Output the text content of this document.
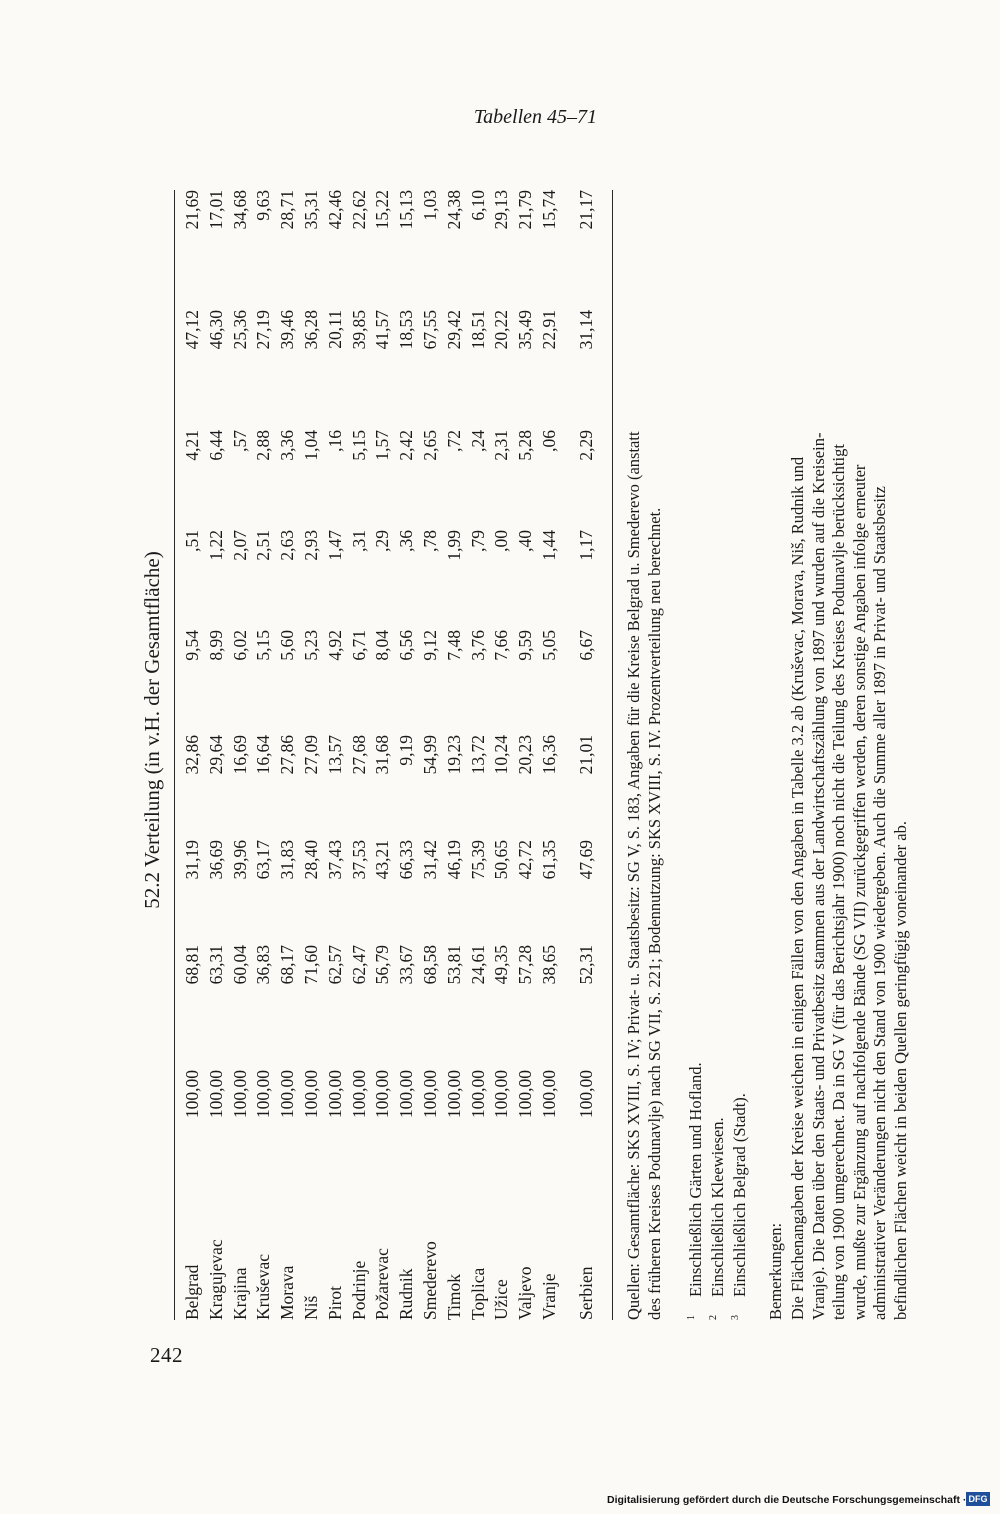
242
Tabellen 45–71
52.2 Verteilung (in v.H. der Gesamtfläche)
Belgrad
100,00
68,81
31,19
32,86
9,54
,51
4,21
47,12
21,69
Kragujevac
100,00
63,31
36,69
29,64
8,99
1,22
6,44
46,30
17,01
Krajina
100,00
60,04
39,96
16,69
6,02
2,07
,57
25,36
34,68
Kruševac
100,00
36,83
63,17
16,64
5,15
2,51
2,88
27,19
9,63
Morava
100,00
68,17
31,83
27,86
5,60
2,63
3,36
39,46
28,71
Niš
100,00
71,60
28,40
27,09
5,23
2,93
1,04
36,28
35,31
Pirot
100,00
62,57
37,43
13,57
4,92
1,47
,16
20,11
42,46
Podrinje
100,00
62,47
37,53
27,68
6,71
,31
5,15
39,85
22,62
Požarevac
100,00
56,79
43,21
31,68
8,04
,29
1,57
41,57
15,22
Rudnik
100,00
33,67
66,33
9,19
6,56
,36
2,42
18,53
15,13
Smederevo
100,00
68,58
31,42
54,99
9,12
,78
2,65
67,55
1,03
Timok
100,00
53,81
46,19
19,23
7,48
1,99
,72
29,42
24,38
Toplica
100,00
24,61
75,39
13,72
3,76
,79
,24
18,51
6,10
Užice
100,00
49,35
50,65
10,24
7,66
,00
2,31
20,22
29,13
Valjevo
100,00
57,28
42,72
20,23
9,59
,40
5,28
35,49
21,79
Vranje
100,00
38,65
61,35
16,36
5,05
1,44
,06
22,91
15,74
Serbien
100,00
52,31
47,69
21,01
6,67
1,17
2,29
31,14
21,17
Quellen: Gesamtfläche: SKS XVIII, S. IV; Privat- u. Staatsbesitz: SG V, S. 183, Angaben für die Kreise Belgrad u. Smederevo (anstatt des früheren Kreises Podunavlje) nach SG VII, S. 221; Bodennutzung: SKS XVIII, S. IV. Prozentverteilung neu berechnet. $^1$Einschließlich Gärten und Hofland.
$^2$Einschließlich Kleewiesen.
$^3$Einschließlich Belgrad (Stadt). Bemerkungen: Die Flächenangaben der Kreise weichen in einigen Fällen von den Angaben in Tabelle 3.2 ab (Kruševac, Morava, Niš, Rudnik und Vranje). Die Daten über den Staats- und Privatbesitz stammen aus der Landwirtschaftszählung von 1897 und wurden auf die Kreisein- teilung von 1900 umgerechnet. Da in SG V (für das Berichtsjahr 1900) noch nicht die Teilung des Kreises Podunavlje berücksichtigt wurde, mußte zur Ergänzung auf nachfolgende Bände (SG VII) zurückgegriffen werden, deren sonstige Angaben infolge erneuter administrativer Veränderungen nicht den Stand von 1900 wiedergeben. Auch die Summe aller 1897 in Privat- und Staatsbesitz befindlichen Flächen weicht in beiden Quellen geringfügig voneinander ab.
Digitalisierung gefördert durch die Deutsche Forschungsgemeinschaft · DFG
